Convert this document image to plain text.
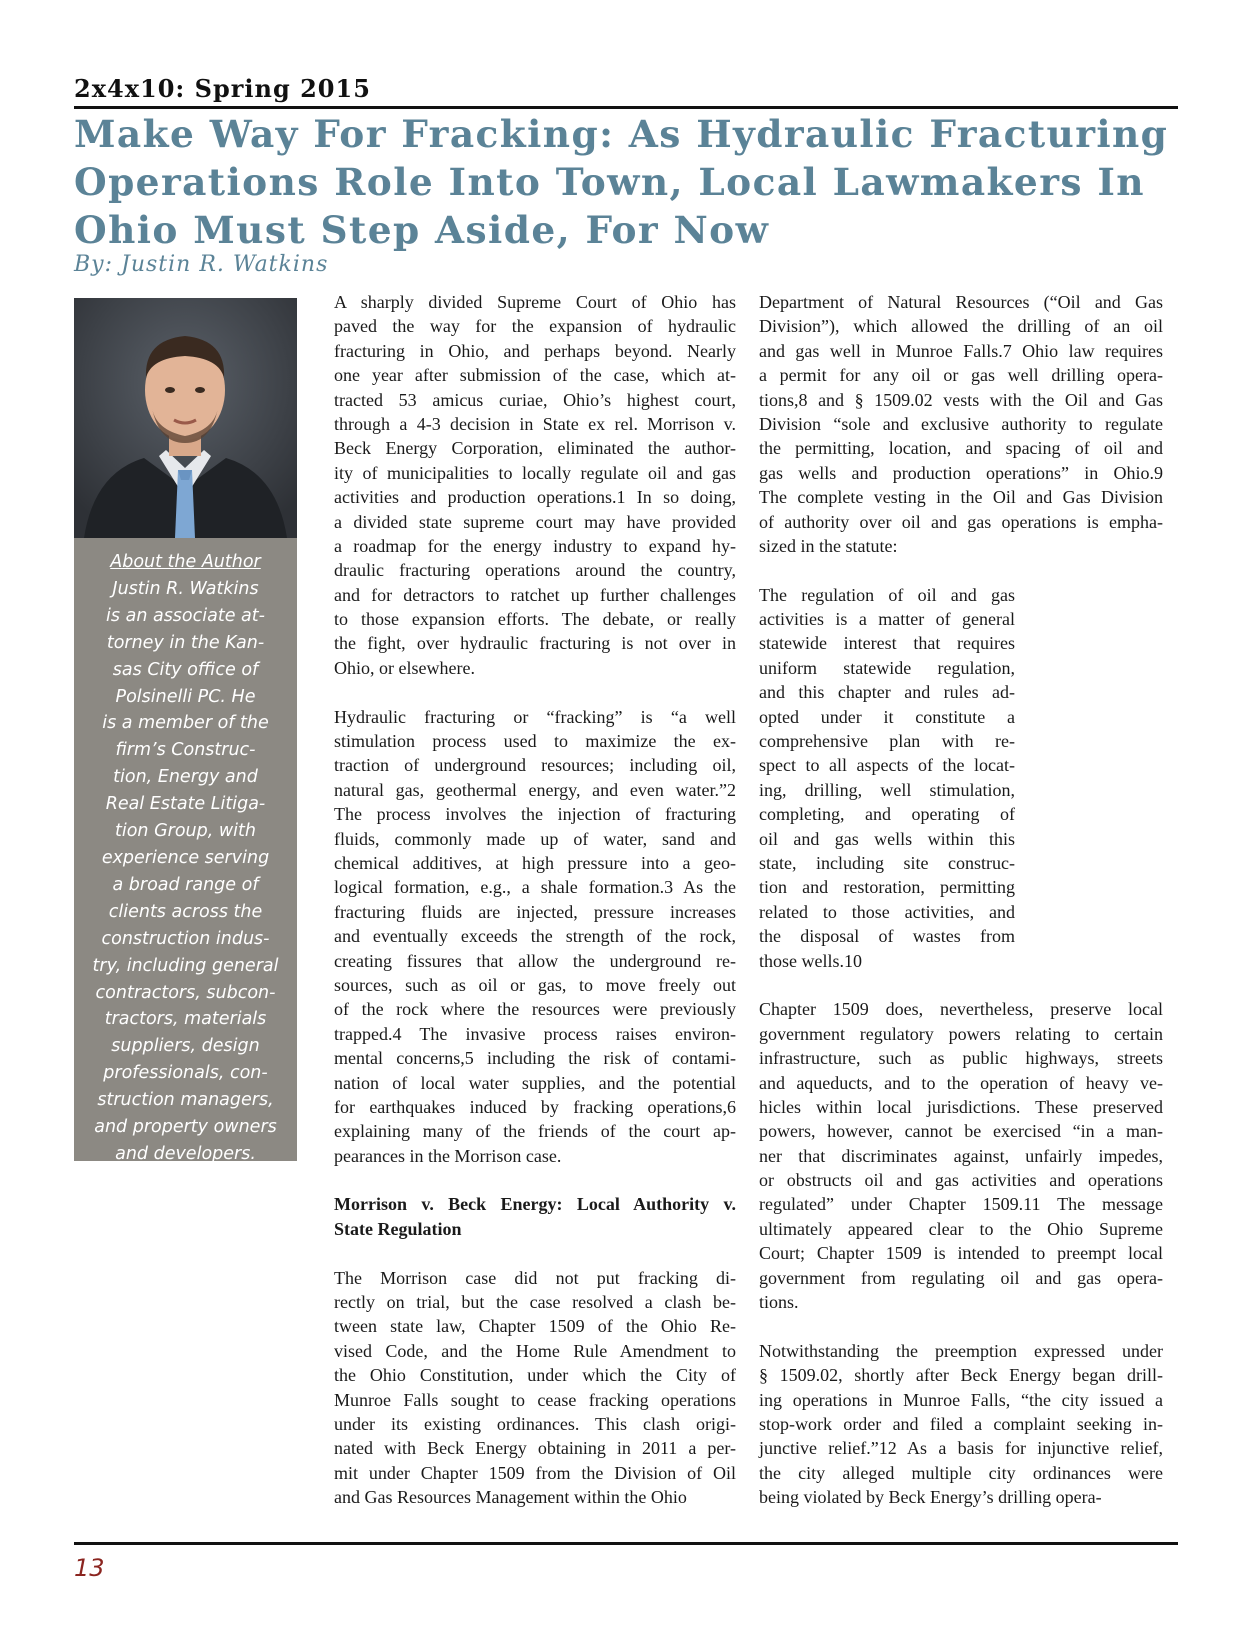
2x4x10: Spring 2015
Make Way For Fracking: As Hydraulic Fracturing
Operations Role Into Town, Local Lawmakers In
Ohio Must Step Aside, For Now
By: Justin R. Watkins
About the Author
Justin R. Watkins
is an associate at-
torney in the Kan-
sas City office of
Polsinelli PC. He
is a member of the
firm’s Construc-
tion, Energy and
Real Estate Litiga-
tion Group, with
experience serving
a broad range of
clients across the
construction indus-
try, including general
contractors, subcon-
tractors, materials
suppliers, design
professionals, con-
struction managers,
and property owners
and developers.

A sharply divided Supreme Court of Ohio has
paved the way for the expansion of hydraulic
fracturing in Ohio, and perhaps beyond. Nearly
one year after submission of the case, which at-
tracted 53 amicus curiae, Ohio’s highest court,
through a 4-3 decision in State ex rel. Morrison v.
Beck Energy Corporation, eliminated the author-
ity of municipalities to locally regulate oil and gas
activities and production operations.1 In so doing,
a divided state supreme court may have provided
a roadmap for the energy industry to expand hy-
draulic fracturing operations around the country,
and for detractors to ratchet up further challenges
to those expansion efforts. The debate, or really
the fight, over hydraulic fracturing is not over in
Ohio, or elsewhere.

Hydraulic fracturing or “fracking” is “a well
stimulation process used to maximize the ex-
traction of underground resources; including oil,
natural gas, geothermal energy, and even water.”2
The process involves the injection of fracturing
fluids, commonly made up of water, sand and
chemical additives, at high pressure into a geo-
logical formation, e.g., a shale formation.3 As the
fracturing fluids are injected, pressure increases
and eventually exceeds the strength of the rock,
creating fissures that allow the underground re-
sources, such as oil or gas, to move freely out
of the rock where the resources were previously
trapped.4 The invasive process raises environ-
mental concerns,5 including the risk of contami-
nation of local water supplies, and the potential
for earthquakes induced by fracking operations,6
explaining many of the friends of the court ap-
pearances in the Morrison case.

Morrison v. Beck Energy: Local Authority v.
State Regulation

The Morrison case did not put fracking di-
rectly on trial, but the case resolved a clash be-
tween state law, Chapter 1509 of the Ohio Re-
vised Code, and the Home Rule Amendment to
the Ohio Constitution, under which the City of
Munroe Falls sought to cease fracking operations
under its existing ordinances. This clash origi-
nated with Beck Energy obtaining in 2011 a per-
mit under Chapter 1509 from the Division of Oil
and Gas Resources Management within the Ohio

Department of Natural Resources (“Oil and Gas
Division”), which allowed the drilling of an oil
and gas well in Munroe Falls.7 Ohio law requires
a permit for any oil or gas well drilling opera-
tions,8 and § 1509.02 vests with the Oil and Gas
Division “sole and exclusive authority to regulate
the permitting, location, and spacing of oil and
gas wells and production operations” in Ohio.9
The complete vesting in the Oil and Gas Division
of authority over oil and gas operations is empha-
sized in the statute:

The regulation of oil and gas
activities is a matter of general
statewide interest that requires
uniform statewide regulation,
and this chapter and rules ad-
opted under it constitute a
comprehensive plan with re-
spect to all aspects of the locat-
ing, drilling, well stimulation,
completing, and operating of
oil and gas wells within this
state, including site construc-
tion and restoration, permitting
related to those activities, and
the disposal of wastes from
those wells.10

Chapter 1509 does, nevertheless, preserve local
government regulatory powers relating to certain
infrastructure, such as public highways, streets
and aqueducts, and to the operation of heavy ve-
hicles within local jurisdictions. These preserved
powers, however, cannot be exercised “in a man-
ner that discriminates against, unfairly impedes,
or obstructs oil and gas activities and operations
regulated” under Chapter 1509.11 The message
ultimately appeared clear to the Ohio Supreme
Court; Chapter 1509 is intended to preempt local
government from regulating oil and gas opera-
tions.

Notwithstanding the preemption expressed under
§ 1509.02, shortly after Beck Energy began drill-
ing operations in Munroe Falls, “the city issued a
stop-work order and filed a complaint seeking in-
junctive relief.”12 As a basis for injunctive relief,
the city alleged multiple city ordinances were
being violated by Beck Energy’s drilling opera-

13
